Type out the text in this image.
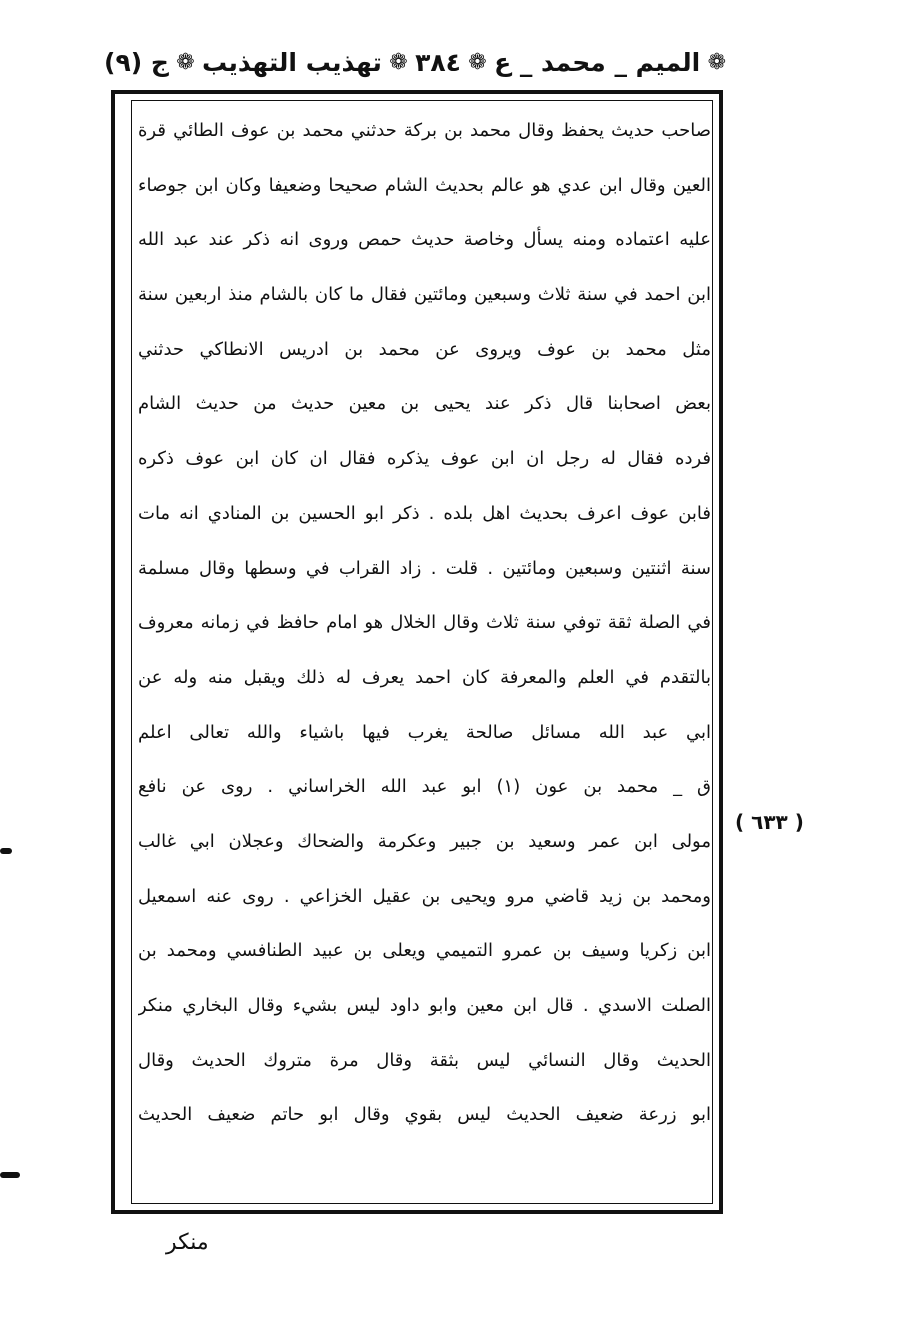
ج (٩) ❁ تهذيب التهذيب ❁ ٣٨٤ ❁ الميم _ محمد _ ع ❁
صاحب حديث يحفظ وقال محمد بن بركة حدثني محمد بن عوف الطائي قرة
العين وقال ابن عدي هو عالم بحديث الشام صحيحا وضعيفا وكان ابن جوصاء
عليه اعتماده ومنه يسأل وخاصة حديث حمص وروى انه ذكر عند عبد الله
ابن احمد في سنة ثلاث وسبعين ومائتين فقال ما كان بالشام منذ اربعين سنة
مثل محمد بن عوف ويروى عن محمد بن ادريس الانطاكي حدثني
بعض اصحابنا قال ذكر عند يحيى بن معين حديث من حديث الشام
فرده فقال له رجل ان ابن عوف يذكره فقال ان كان ابن عوف ذكره
فابن عوف اعرف بحديث اهل بلده . ذكر ابو الحسين بن المنادي انه مات
سنة اثنتين وسبعين ومائتين . قلت . زاد القراب في وسطها وقال مسلمة
في الصلة ثقة توفي سنة ثلاث وقال الخلال هو امام حافظ في زمانه معروف
بالتقدم في العلم والمعرفة كان احمد يعرف له ذلك ويقبل منه وله عن
ابي عبد الله مسائل صالحة يغرب فيها باشياء والله تعالى اعلم
ق _ محمد بن عون (١) ابو عبد الله الخراساني . روى عن نافع
مولى ابن عمر وسعيد بن جبير وعكرمة والضحاك وعجلان ابي غالب
ومحمد بن زيد قاضي مرو ويحيى بن عقيل الخزاعي . روى عنه اسمعيل
ابن زكريا وسيف بن عمرو التميمي ويعلى بن عبيد الطنافسي ومحمد بن
الصلت الاسدي . قال ابن معين وابو داود ليس بشيء وقال البخاري منكر
الحديث وقال النسائي ليس بثقة وقال مرة متروك الحديث وقال
ابو زرعة ضعيف الحديث ليس بقوي وقال ابو حاتم ضعيف الحديث
( ٦٣٣ )
منكر
